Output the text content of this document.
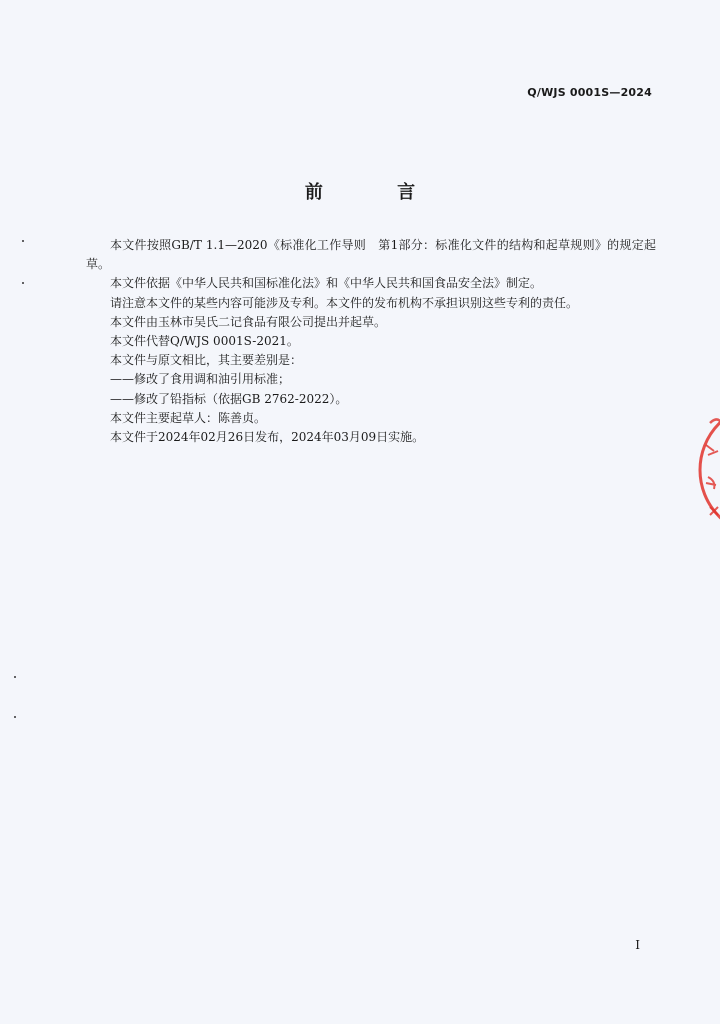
Q/WJS 0001S—2024
前 言

本文件按照GB/T 1.1—2020《标准化工作导则　第1部分：标准化文件的结构和起草规则》的规定起草。

本文件依据《中华人民共和国标准化法》和《中华人民共和国食品安全法》制定。

请注意本文件的某些内容可能涉及专利。本文件的发布机构不承担识别这些专利的责任。

本文件由玉林市吴氏二记食品有限公司提出并起草。

本文件代替Q/WJS 0001S-2021。

本文件与原文相比，其主要差别是：

——修改了食用调和油引用标准；

——修改了铅指标（依据GB 2762-2022）。

本文件主要起草人：陈善贞。

本文件于2024年02月26日发布，2024年03月09日实施。

I
